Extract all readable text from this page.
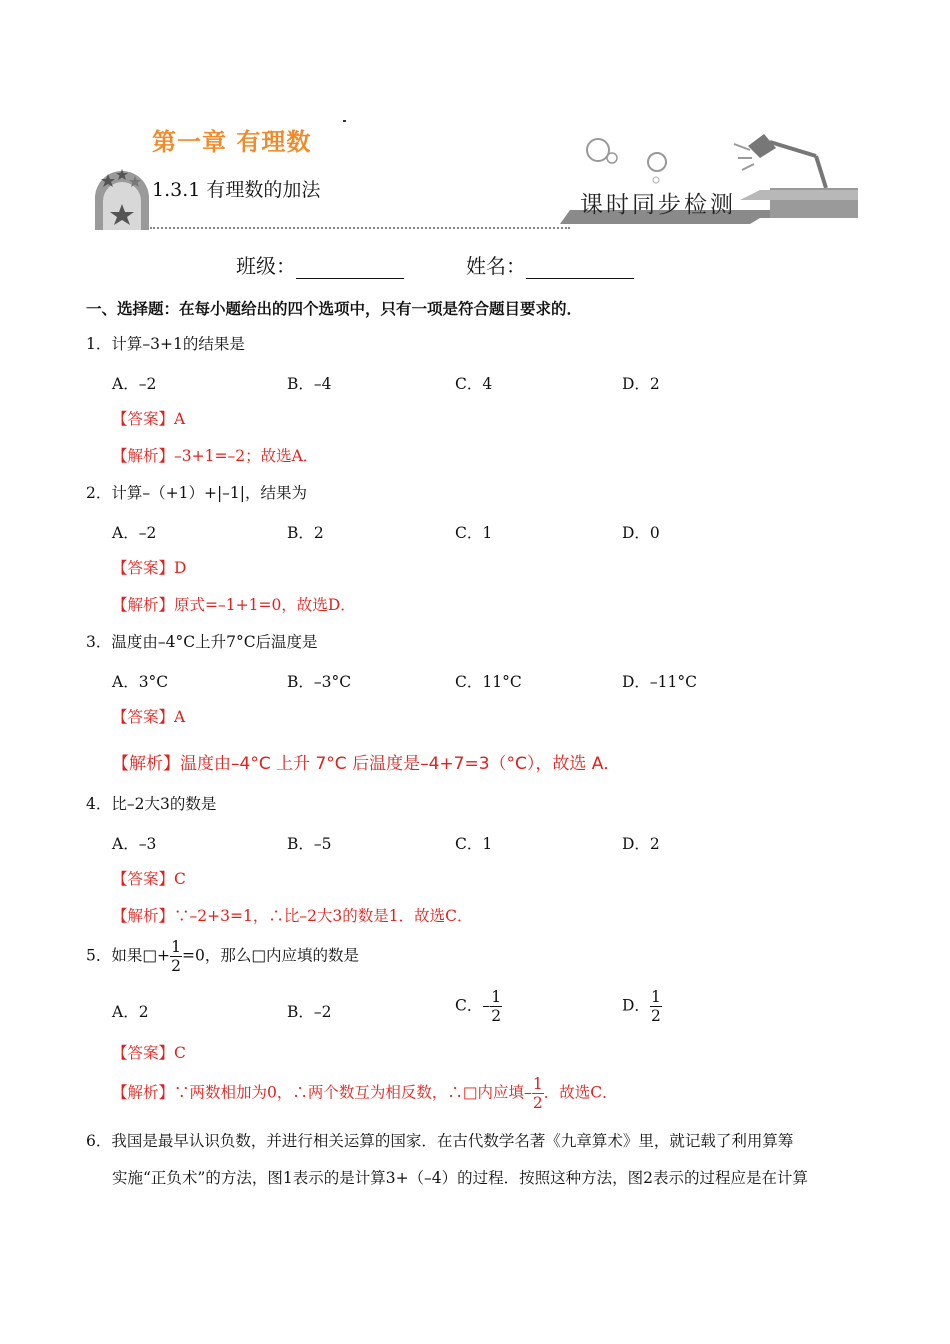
第一章 有理数
1.3.1 有理数的加法
课时同步检测
班级：	姓名：
一、选择题：在每小题给出的四个选项中，只有一项是符合题目要求的．
1．计算–3+1的结果是
A．–2	B．–4	C．4	D．2
【答案】A
【解析】–3+1=–2；故选A．
2．计算–（+1）+|–1|，结果为
A．–2	B．2	C．1	D．0
【答案】D
【解析】原式=–1+1=0，故选D．
3．温度由–4°C上升7°C后温度是
A．3°C	B．–3°C	C．11°C	D．–11°C
【答案】A
【解析】温度由–4°C 上升 7°C 后温度是–4+7=3（°C），故选 A．
4．比–2大3的数是
A．–3	B．–5	C．1	D．2
【答案】C
【解析】∵–2+3=1，∴比–2大3的数是1．故选C．
5．如果□+ $\frac{1}{2} =0$，那么□内应填的数是
A．2	B．–2	C．– $\frac{1}{2}$	D． $\frac{1}{2}$
【答案】C
【解析】∵两数相加为0，∴两个数互为相反数，∴□内应填– $\frac{1}{2}$ ．故选C．
6．我国是最早认识负数，并进行相关运算的国家．在古代数学名著《九章算术》里，就记载了利用算筹
实施“正负术”的方法，图1表示的是计算3+（–4）的过程．按照这种方法，图2表示的过程应是在计算
